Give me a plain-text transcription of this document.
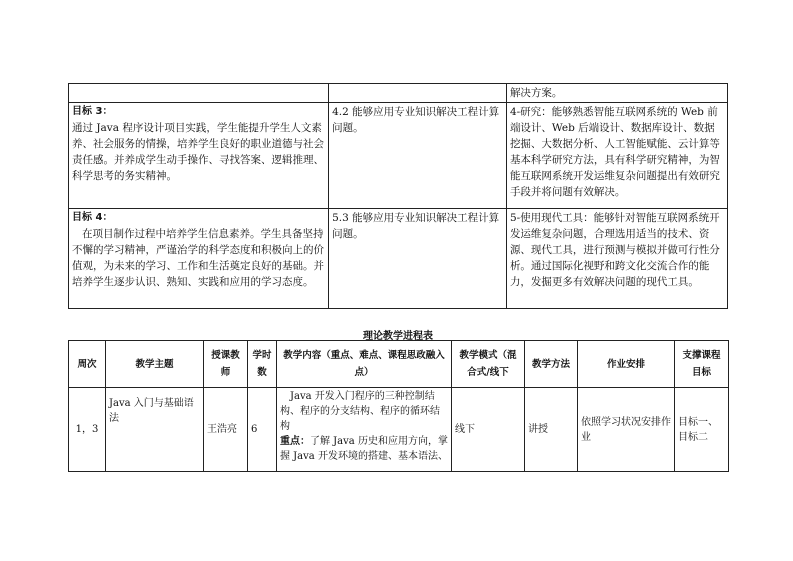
		解决方案。

目标 3：
通过 Java 程序设计项目实践，学生能提升学生人文素养、社会服务的情操，培养学生良好的职业道德与社会责任感。并养成学生动手操作、寻找答案、逻辑推理、科学思考的务实精神。	4.2 能够应用专业知识解决工程计算问题。	4-研究：能够熟悉智能互联网系统的 Web 前端设计、Web 后端设计、数据库设计、数据挖掘、大数据分析、人工智能赋能、云计算等基本科学研究方法，具有科学研究精神，为智能互联网系统开发运维复杂问题提出有效研究手段并将问题有效解决。

目标 4：
在项目制作过程中培养学生信息素养。学生具备坚持不懈的学习精神，严谨治学的科学态度和积极向上的价值观，为未来的学习、工作和生活奠定良好的基础。并培养学生逐步认识、熟知、实践和应用的学习态度。	5.3 能够应用专业知识解决工程计算问题。	5-使用现代工具：能够针对智能互联网系统开发运维复杂问题，合理选用适当的技术、资源、现代工具，进行预测与模拟并做可行性分析。通过国际化视野和跨文化交流合作的能力，发掘更多有效解决问题的现代工具。
理论教学进程表
周次	教学主题	授课教师	学时数	教学内容（重点、难点、课程思政融入点）	教学模式（混合式/线下	教学方法	作业安排	支撑课程目标
1，3	Java 入门与基础语法	王浩亮	6	Java 开发入门程序的三种控制结构、程序的分支结构、程序的循环结构
重点：了解 Java 历史和应用方向，掌握 Java 开发环境的搭建、基本语法、	线下	讲授	依照学习状况安排作业	目标一、目标二
